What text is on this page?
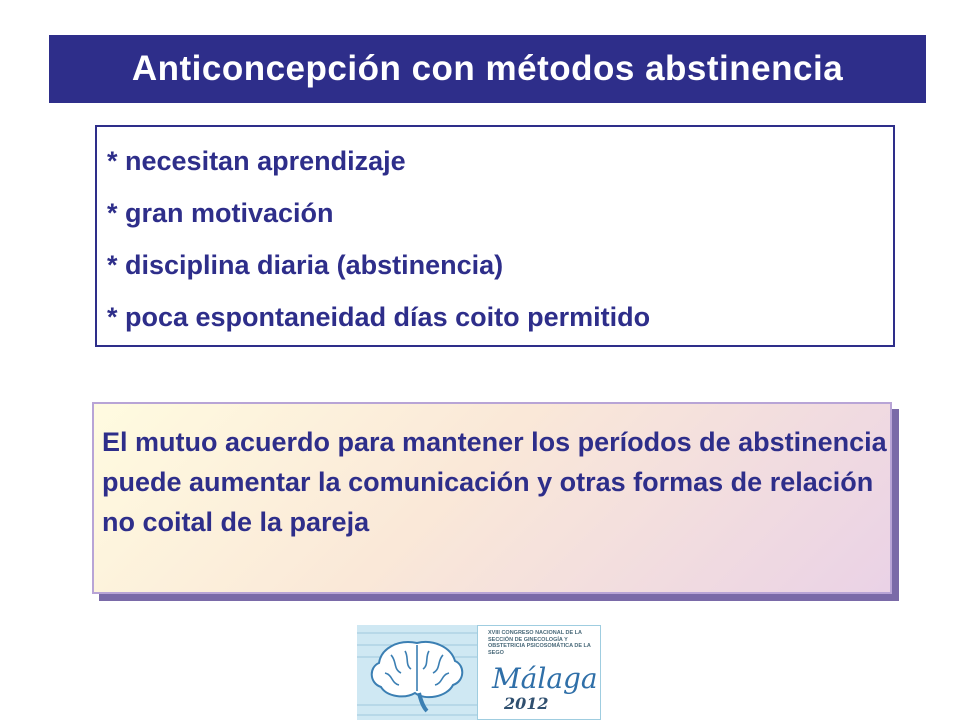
Anticoncepción con métodos abstinencia
* necesitan aprendizaje
* gran motivación
* disciplina diaria (abstinencia)
* poca espontaneidad días coito permitido
El mutuo acuerdo para mantener los períodos de abstinencia puede aumentar la comunicación y otras formas de relación no coital de la pareja
XVIII CONGRESO NACIONAL DE LA SECCIÓN DE GINECOLOGÍA Y OBSTETRICIA PSICOSOMÁTICA DE LA SEGO
Málaga
2012
